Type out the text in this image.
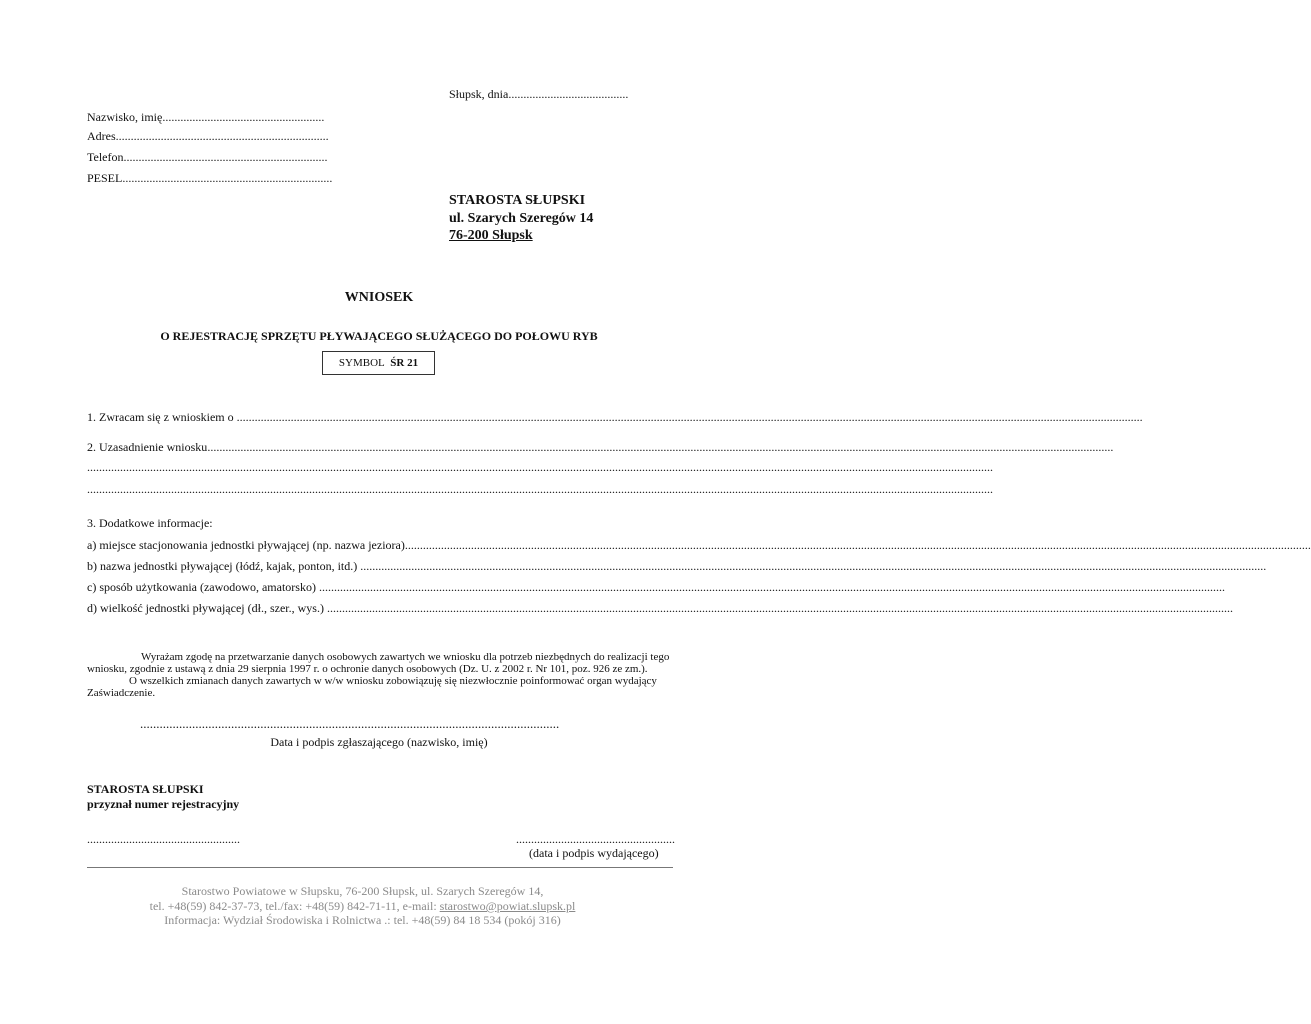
Słupsk, dnia........................................
Nazwisko, imię......................................................
Adres.......................................................................
Telefon....................................................................
PESEL......................................................................
STAROSTA SŁUPSKI
ul. Szarych Szeregów 14
76-200 Słupsk
WNIOSEK
O REJESTRACJĘ SPRZĘTU PŁYWAJĄCEGO SŁUŻĄCEGO DO POŁOWU RYB
SYMBOL ŚR 21
1. Zwracam się z wnioskiem o ..............................................................................................................................................................................................................................................................................................................
2. Uzasadnienie wniosku..............................................................................................................................................................................................................................................................................................................
..............................................................................................................................................................................................................................................................................................................
..............................................................................................................................................................................................................................................................................................................
3. Dodatkowe informacje:
a) miejsce stacjonowania jednostki pływającej (np. nazwa jeziora)..............................................................................................................................................................................................................................................................................................................
b) nazwa jednostki pływającej (łódź, kajak, ponton, itd.) ..............................................................................................................................................................................................................................................................................................................
c) sposób użytkowania (zawodowo, amatorsko) ..............................................................................................................................................................................................................................................................................................................
d) wielkość jednostki pływającej (dł., szer., wys.) ..............................................................................................................................................................................................................................................................................................................
Wyrażam zgodę na przetwarzanie danych osobowych zawartych we wniosku dla potrzeb niezbędnych do realizacji tego
wniosku, zgodnie z ustawą z dnia 29 sierpnia 1997 r. o ochronie danych osobowych (Dz. U. z 2002 r. Nr 101, poz. 926 ze zm.).
O wszelkich zmianach danych zawartych w w/w wniosku zobowiązuję się niezwłocznie poinformować organ wydający
Zaświadczenie.
.................................................................................................................................
Data i podpis zgłaszającego (nazwisko, imię)
STAROSTA SŁUPSKI
przyznał numer rejestracyjny
...................................................	.....................................................
(data i podpis wydającego)
Starostwo Powiatowe w Słupsku, 76-200 Słupsk, ul. Szarych Szeregów 14,
tel. +48(59) 842-37-73, tel./fax: +48(59) 842-71-11, e-mail: starostwo@powiat.slupsk.pl
Informacja: Wydział Środowiska i Rolnictwa .: tel. +48(59) 84 18 534 (pokój 316)
